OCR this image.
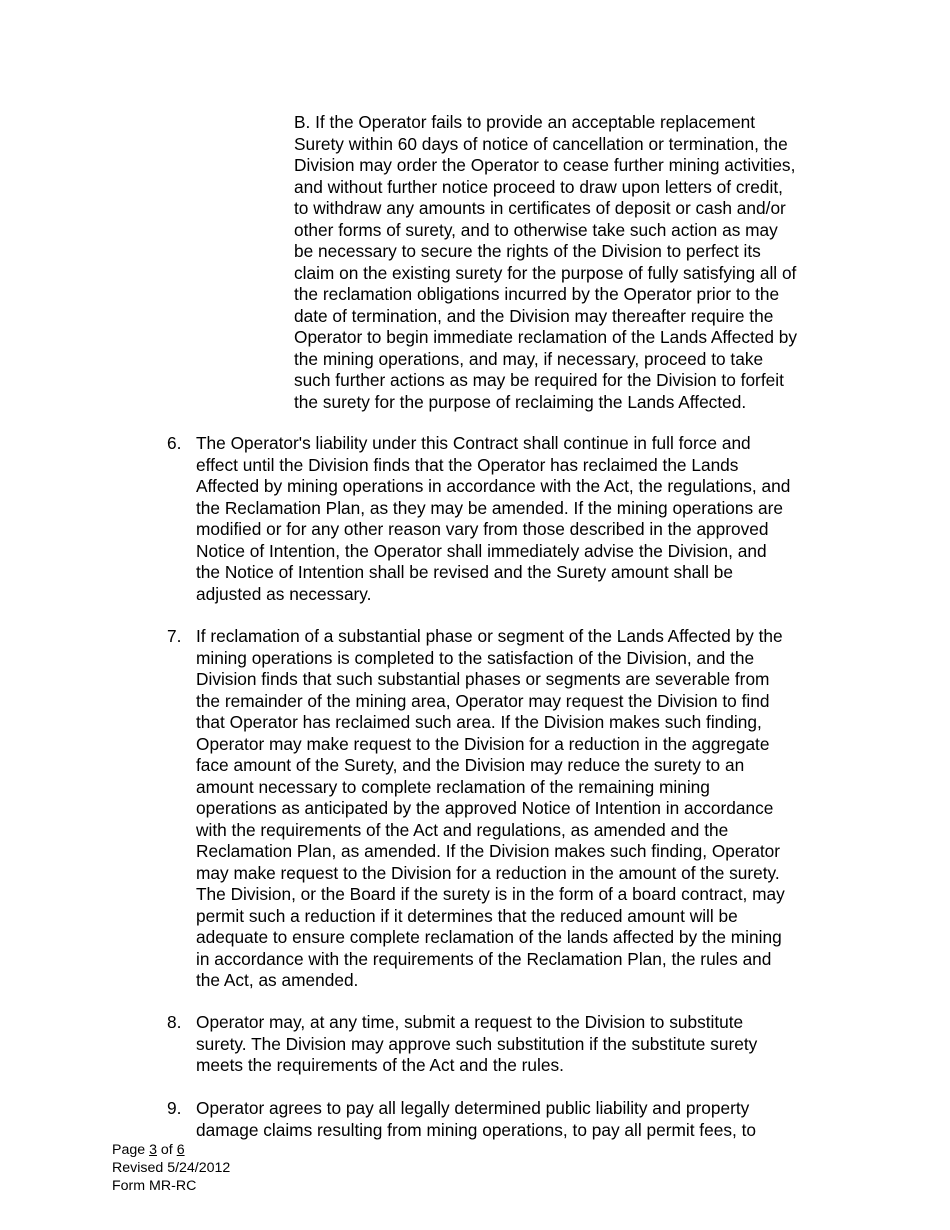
B. If the Operator fails to provide an acceptable replacement
Surety within 60 days of notice of cancellation or termination, the
Division may order the Operator to cease further mining activities,
and without further notice proceed to draw upon letters of credit,
to withdraw any amounts in certificates of deposit or cash and/or
other forms of surety, and to otherwise take such action as may
be necessary to secure the rights of the Division to perfect its
claim on the existing surety for the purpose of fully satisfying all of
the reclamation obligations incurred by the Operator prior to the
date of termination, and the Division may thereafter require the
Operator to begin immediate reclamation of the Lands Affected by
the mining operations, and may, if necessary, proceed to take
such further actions as may be required for the Division to forfeit
the surety for the purpose of reclaiming the Lands Affected.
6. The Operator's liability under this Contract shall continue in full force and
effect until the Division finds that the Operator has reclaimed the Lands
Affected by mining operations in accordance with the Act, the regulations, and
the Reclamation Plan, as they may be amended. If the mining operations are
modified or for any other reason vary from those described in the approved
Notice of Intention, the Operator shall immediately advise the Division, and
the Notice of Intention shall be revised and the Surety amount shall be
adjusted as necessary.
7. If reclamation of a substantial phase or segment of the Lands Affected by the
mining operations is completed to the satisfaction of the Division, and the
Division finds that such substantial phases or segments are severable from
the remainder of the mining area, Operator may request the Division to find
that Operator has reclaimed such area. If the Division makes such finding,
Operator may make request to the Division for a reduction in the aggregate
face amount of the Surety, and the Division may reduce the surety to an
amount necessary to complete reclamation of the remaining mining
operations as anticipated by the approved Notice of Intention in accordance
with the requirements of the Act and regulations, as amended and the
Reclamation Plan, as amended. If the Division makes such finding, Operator
may make request to the Division for a reduction in the amount of the surety.
The Division, or the Board if the surety is in the form of a board contract, may
permit such a reduction if it determines that the reduced amount will be
adequate to ensure complete reclamation of the lands affected by the mining
in accordance with the requirements of the Reclamation Plan, the rules and
the Act, as amended.
8. Operator may, at any time, submit a request to the Division to substitute
surety. The Division may approve such substitution if the substitute surety
meets the requirements of the Act and the rules.
9. Operator agrees to pay all legally determined public liability and property
damage claims resulting from mining operations, to pay all permit fees, to
Page 3 of 6
Revised 5/24/2012
Form MR-RC
